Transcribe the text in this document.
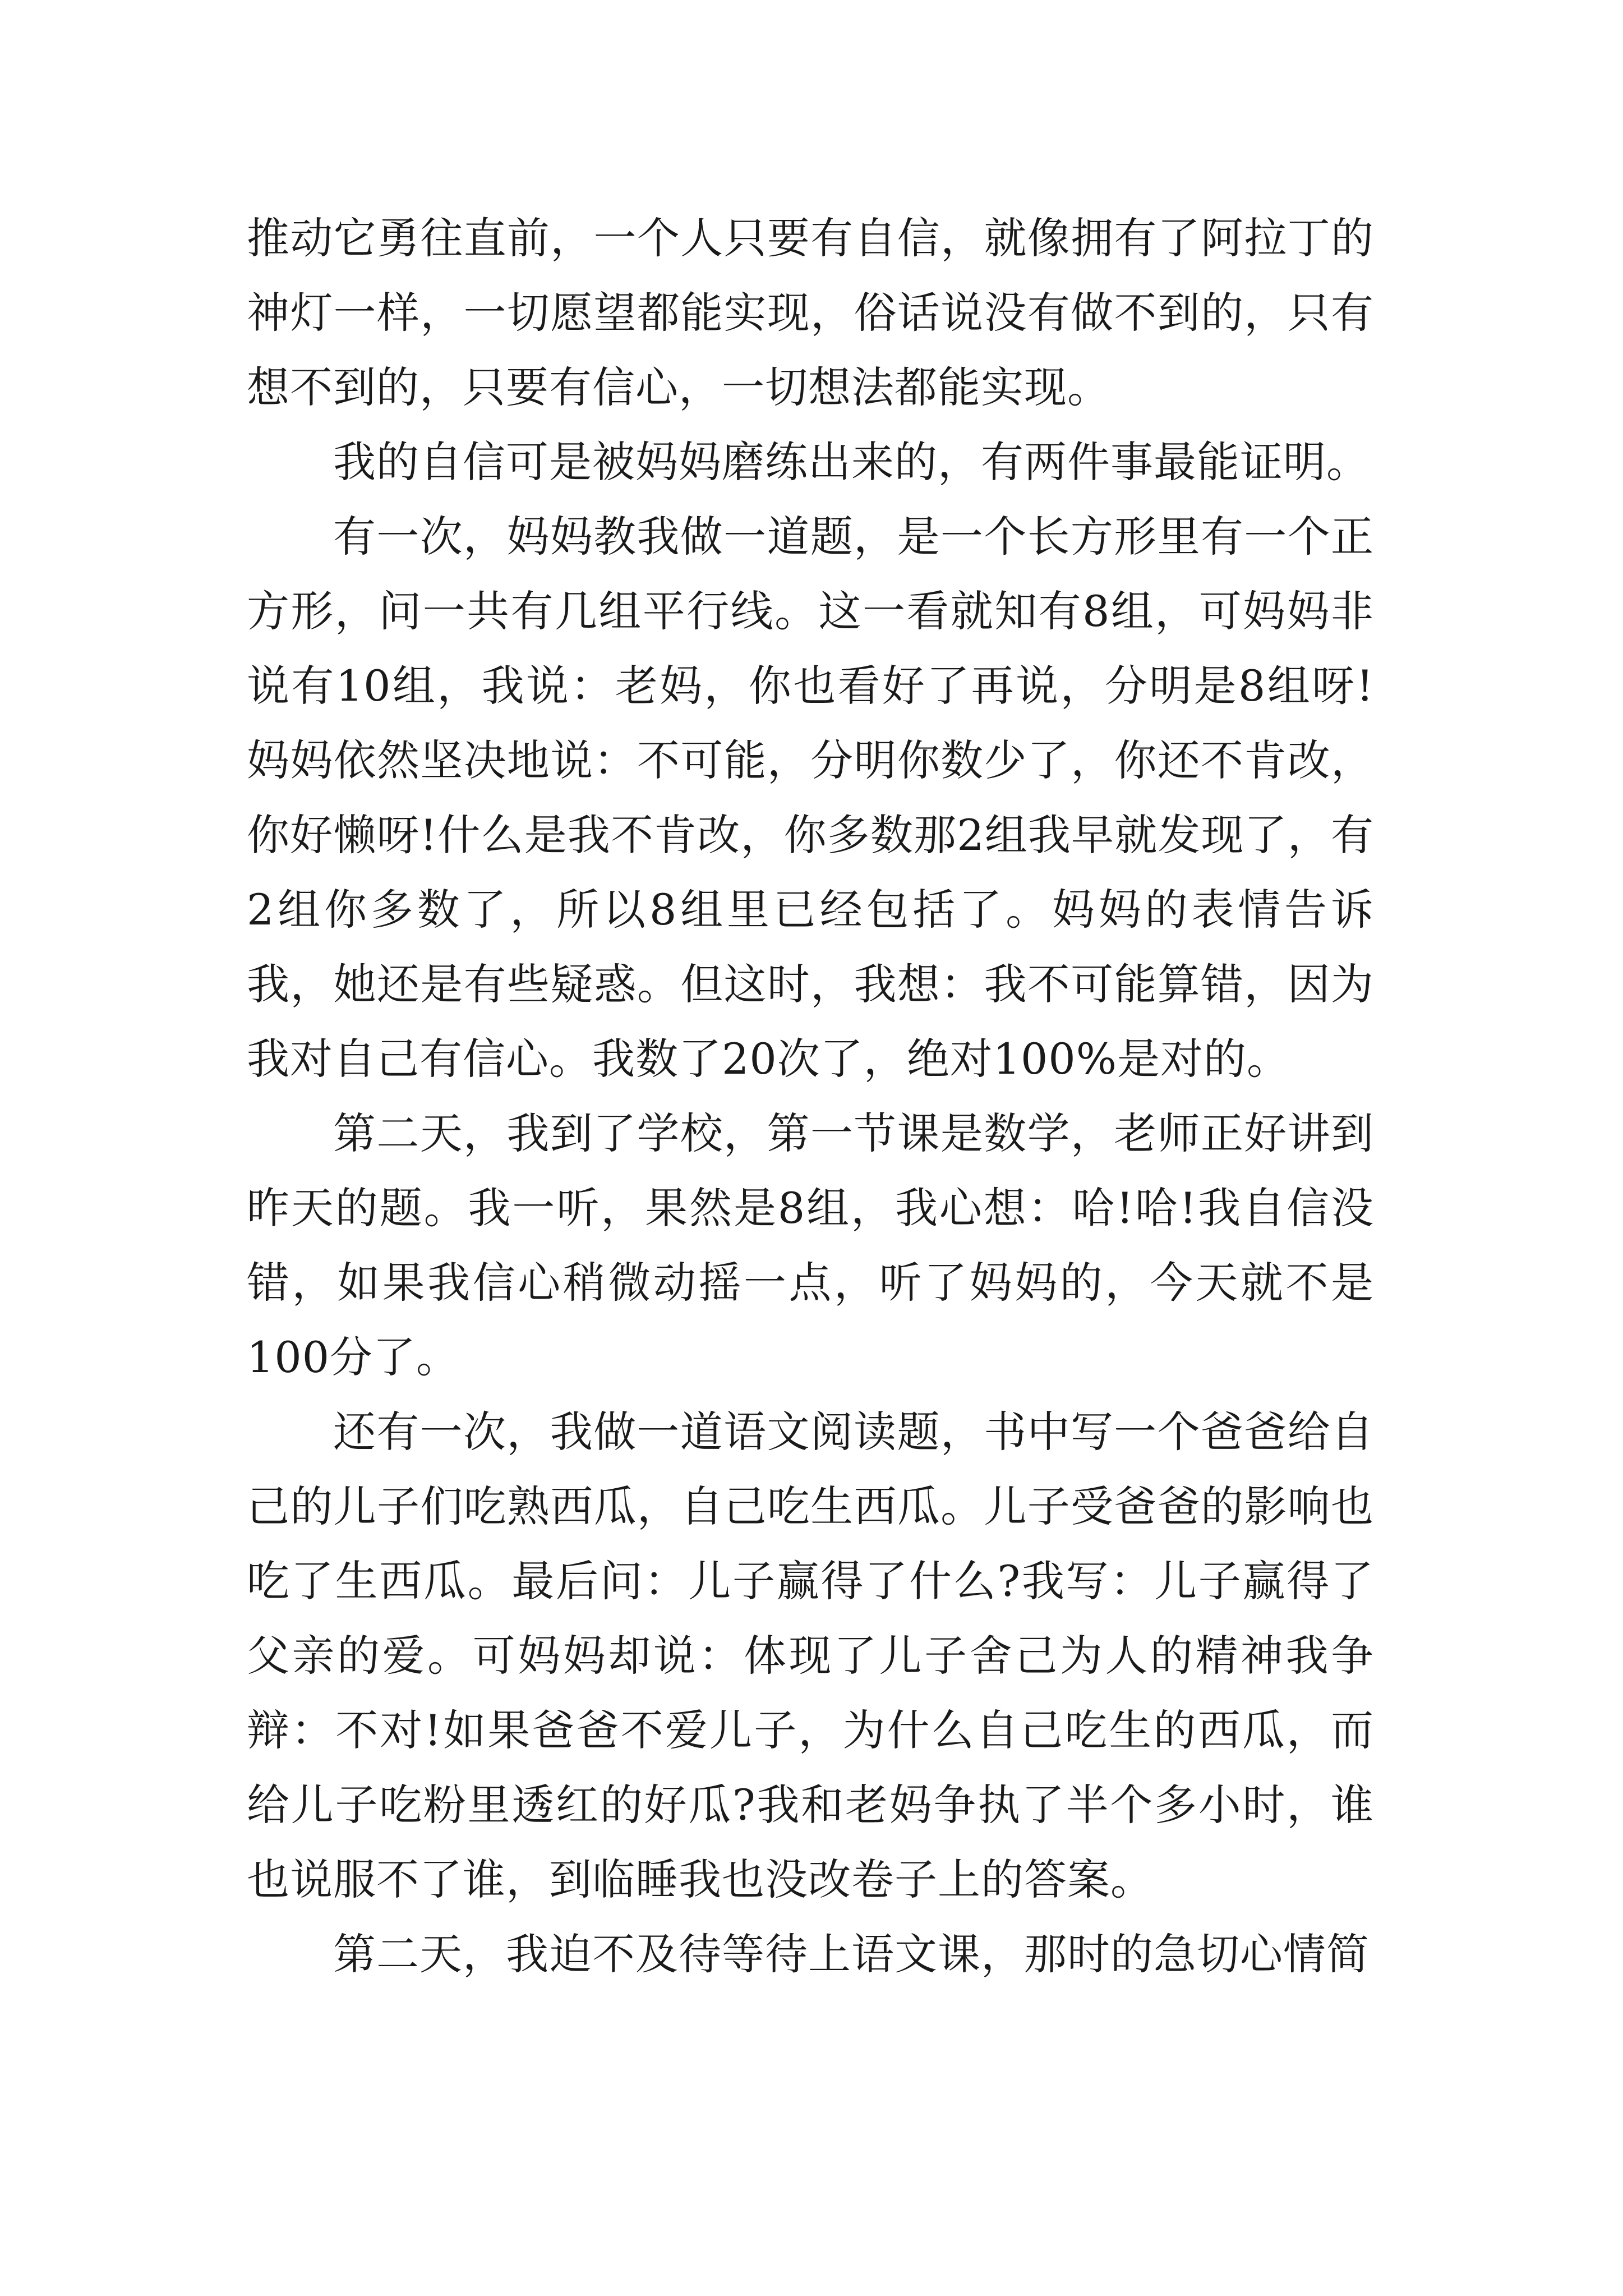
推动它勇往直前，一个人只要有自信，就像拥有了阿拉丁的神灯一样，一切愿望都能实现，俗话说没有做不到的，只有想不到的，只要有信心，一切想法都能实现。

我的自信可是被妈妈磨练出来的，有两件事最能证明。

有一次，妈妈教我做一道题，是一个长方形里有一个正方形，问一共有几组平行线。这一看就知有8组，可妈妈非说有10组，我说：老妈，你也看好了再说，分明是8组呀!妈妈依然坚决地说：不可能，分明你数少了，你还不肯改，你好懒呀!什么是我不肯改，你多数那2组我早就发现了，有2组你多数了，所以8组里已经包括了。妈妈的表情告诉我，她还是有些疑惑。但这时，我想：我不可能算错，因为我对自己有信心。我数了20次了，绝对100%是对的。

第二天，我到了学校，第一节课是数学，老师正好讲到昨天的题。我一听，果然是8组，我心想：哈!哈!我自信没错，如果我信心稍微动摇一点，听了妈妈的，今天就不是100分了。

还有一次，我做一道语文阅读题，书中写一个爸爸给自己的儿子们吃熟西瓜，自己吃生西瓜。儿子受爸爸的影响也吃了生西瓜。最后问：儿子赢得了什么?我写：儿子赢得了父亲的爱。可妈妈却说：体现了儿子舍己为人的精神我争辩：不对!如果爸爸不爱儿子，为什么自己吃生的西瓜，而给儿子吃粉里透红的好瓜?我和老妈争执了半个多小时，谁也说服不了谁，到临睡我也没改卷子上的答案。

第二天，我迫不及待等待上语文课，那时的急切心情简
